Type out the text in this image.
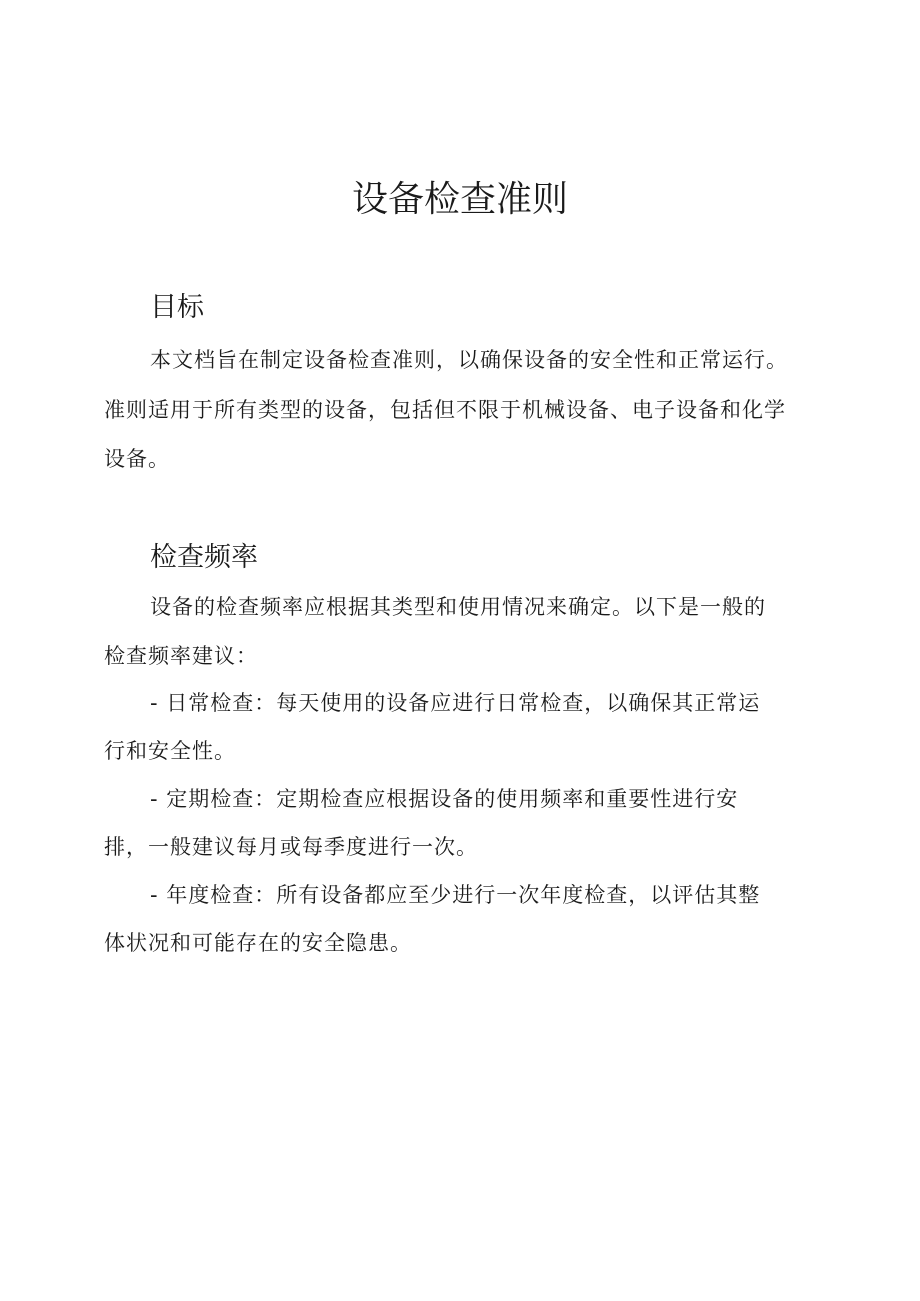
设备检查准则
目标

本文档旨在制定设备检查准则，以确保设备的安全性和正常运行。

准则适用于所有类型的设备，包括但不限于机械设备、电子设备和化学

设备。

检查频率

设备的检查频率应根据其类型和使用情况来确定。以下是一般的

检查频率建议：

- 日常检查：每天使用的设备应进行日常检查，以确保其正常运

行和安全性。

- 定期检查：定期检查应根据设备的使用频率和重要性进行安

排，一般建议每月或每季度进行一次。

- 年度检查：所有设备都应至少进行一次年度检查，以评估其整

体状况和可能存在的安全隐患。
